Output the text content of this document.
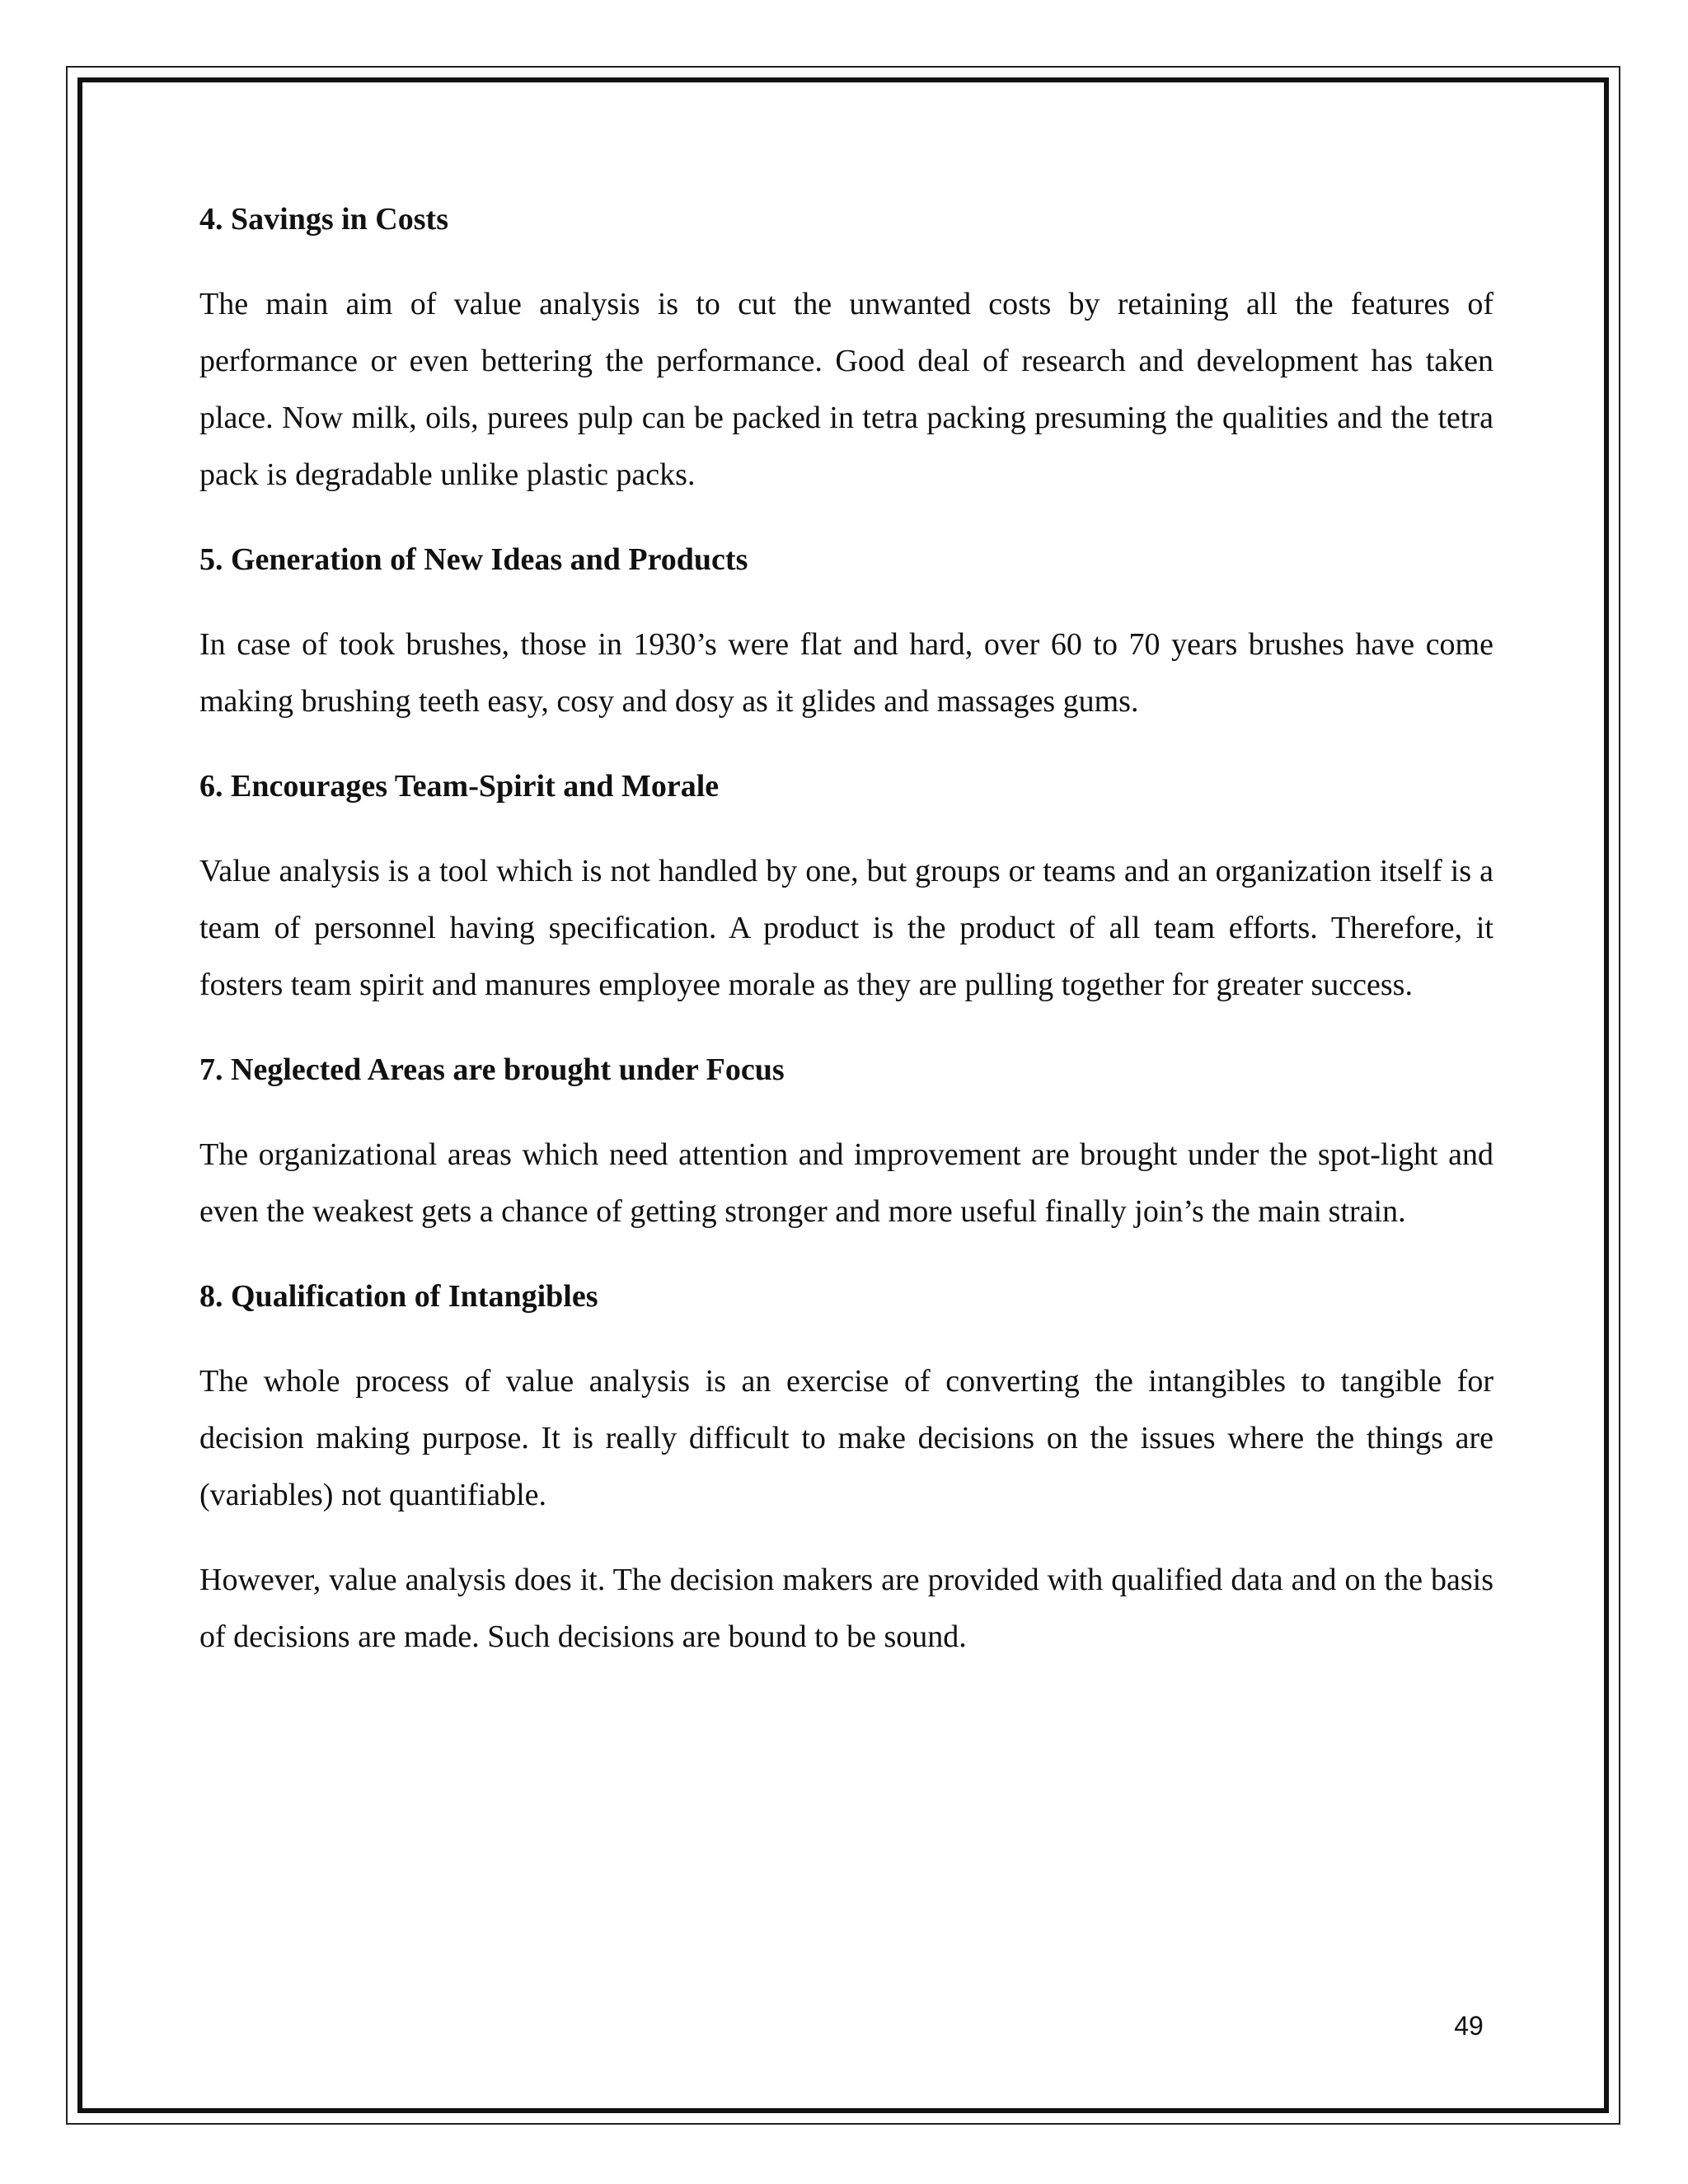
4. Savings in Costs

The main aim of value analysis is to cut the unwanted costs by retaining all the features of performance or even bettering the performance. Good deal of research and development has taken place. Now milk, oils, purees pulp can be packed in tetra packing presuming the qualities and the tetra pack is degradable unlike plastic packs.

5. Generation of New Ideas and Products

In case of took brushes, those in 1930’s were flat and hard, over 60 to 70 years brushes have come making brushing teeth easy, cosy and dosy as it glides and massages gums.

6. Encourages Team-Spirit and Morale

Value analysis is a tool which is not handled by one, but groups or teams and an organization itself is a team of personnel having specification. A product is the product of all team efforts. Therefore, it fosters team spirit and manures employee morale as they are pulling together for greater success.

7. Neglected Areas are brought under Focus

The organizational areas which need attention and improvement are brought under the spot-light and even the weakest gets a chance of getting stronger and more useful finally join’s the main strain.

8. Qualification of Intangibles

The whole process of value analysis is an exercise of converting the intangibles to tangible for decision making purpose. It is really difficult to make decisions on the issues where the things are (variables) not quantifiable.

However, value analysis does it. The decision makers are provided with qualified data and on the basis of decisions are made. Such decisions are bound to be sound.

49
